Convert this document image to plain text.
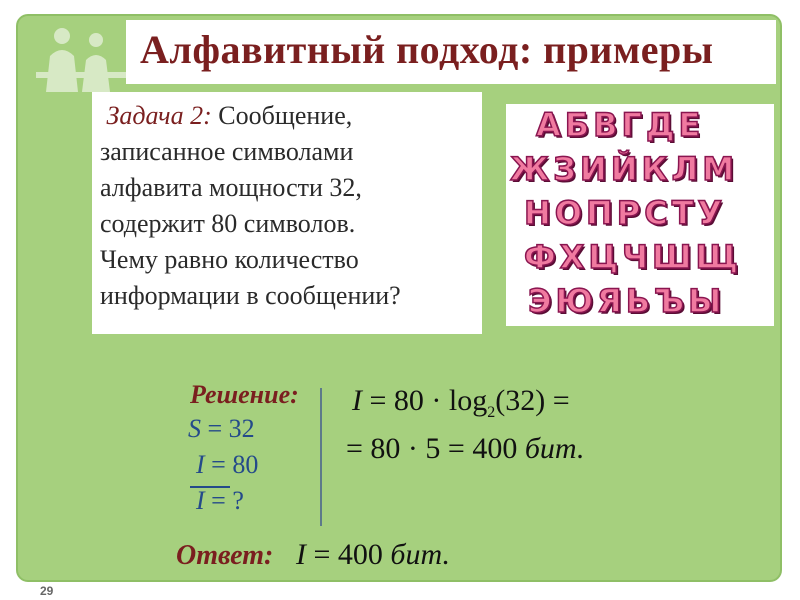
Алфавитный подход: примеры
Задача 2: Сообщение,
записанное символами
алфавита мощности 32,
содержит 80 символов.
Чему равно количество
информации в сообщении?
АБВГДЕ
ЖЗИЙКЛМ
НОПРСТУ
ФХЦЧШЩ
ЭЮЯЬЪЫ
Решение:
S = 32
I = 80
I = ?
$I = 80 \cdot \log_2(32)$ =
= 80 · 5 = 400 бит.
Ответ: I = 400 бит.
29
